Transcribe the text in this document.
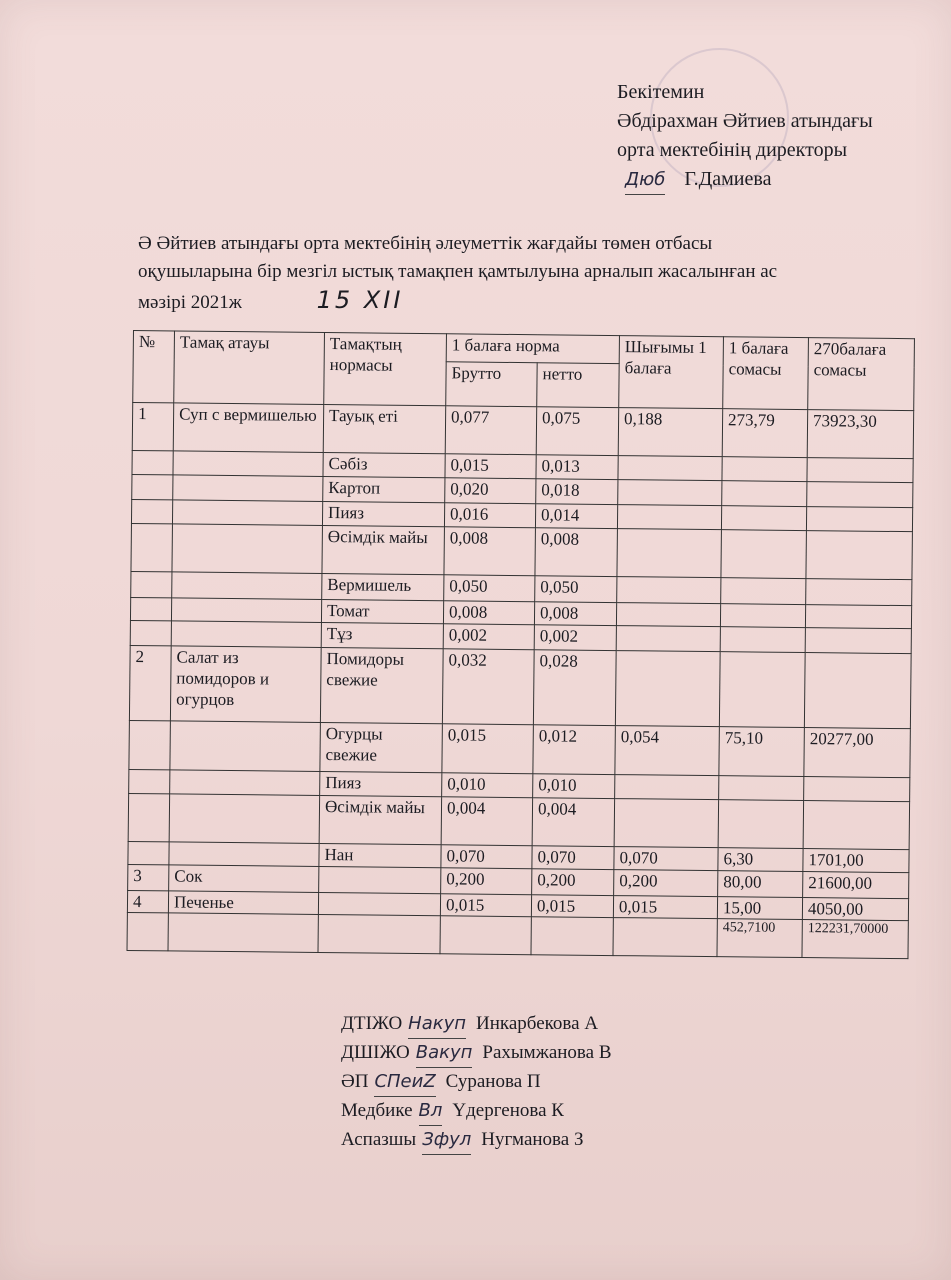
Бекітемин
Әбдірахман Әйтиев атындағы
орта мектебінің директоры
Дюб Г.Дамиева
Ә Әйтиев атындағы орта мектебінің әлеуметтік жағдайы төмен отбасы
оқушыларына бір мезгіл ыстық тамақпен қамтылуына арналып жасалынған ас
мәзірі 2021ж	15 XII
№	Тамақ атауы	Тамақтың нормасы	1 балаға норма		Шығымы 1 балаға	1 балаға сомасы	270балаға сомасы
			Брутто	нетто			
1	Суп с вермишелью	Тауық еті	0,077	0,075	0,188	273,79	73923,30
		Сәбіз	0,015	0,013			
		Картоп	0,020	0,018			
		Пияз	0,016	0,014			
		Өсімдік майы	0,008	0,008			
		Вермишель	0,050	0,050			
		Томат	0,008	0,008			
		Тұз	0,002	0,002			
2	Салат из помидоров и огурцов	Помидоры свежие	0,032	0,028			
		Огурцы свежие	0,015	0,012	0,054	75,10	20277,00
		Пияз	0,010	0,010			
		Өсімдік майы	0,004	0,004			
		Нан	0,070	0,070	0,070	6,30	1701,00
3	Сок		0,200	0,200	0,200	80,00	21600,00
4	Печенье		0,015	0,015	0,015	15,00	4050,00
						452,7100	122231,70000
ДТІЖО Накуп Инкарбекова А
ДШІЖО Вакуп Рахымжанова В
ӘП СПеиZ Суранова П
Медбике Вл Үдергенова К
Аспазшы Зфул Нугманова З
